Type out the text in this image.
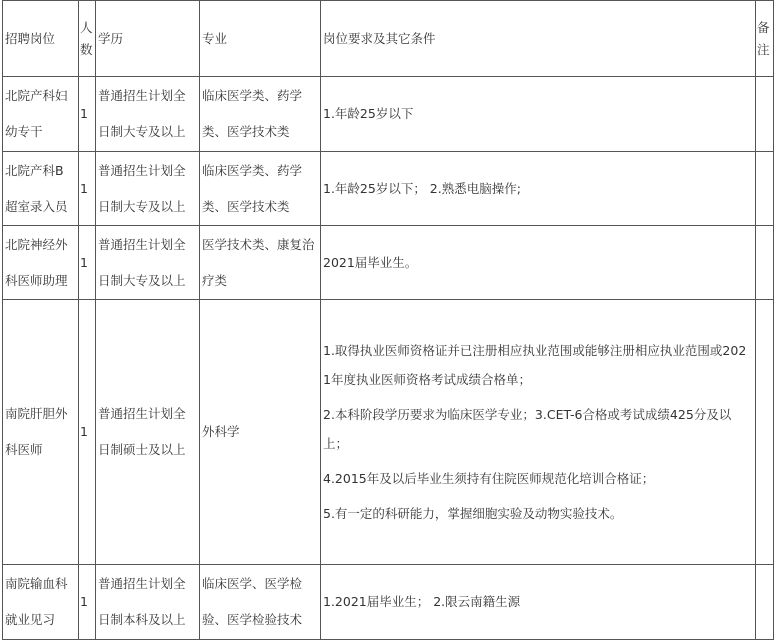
招聘岗位	人数	学历	专业	岗位要求及其它条件	备注
北院产科妇幼专干	1	普通招生计划全日制大专及以上	临床医学类、药学类、医学技术类	1.年龄25岁以下	
北院产科B超室录入员	1	普通招生计划全日制大专及以上	临床医学类、药学类、医学技术类	1.年龄25岁以下； 2.熟悉电脑操作;	
北院神经外科医师助理	1	普通招生计划全日制大专及以上	医学技术类、康复治疗类	2021届毕业生。	
南院肝胆外科医师	1	普通招生计划全日制硕士及以上	外科学	1.取得执业医师资格证并已注册相应执业范围或能够注册相应执业范围或2021年度执业医师资格考试成绩合格单；
2.本科阶段学历要求为临床医学专业；3.CET-6合格或考试成绩425分及以上；
4.2015年及以后毕业生须持有住院医师规范化培训合格证；
5.有一定的科研能力，掌握细胞实验及动物实验技术。	

南院输血科就业见习	1	普通招生计划全日制本科及以上	临床医学、医学检验、医学检验技术	1.2021届毕业生； 2.限云南籍生源	
